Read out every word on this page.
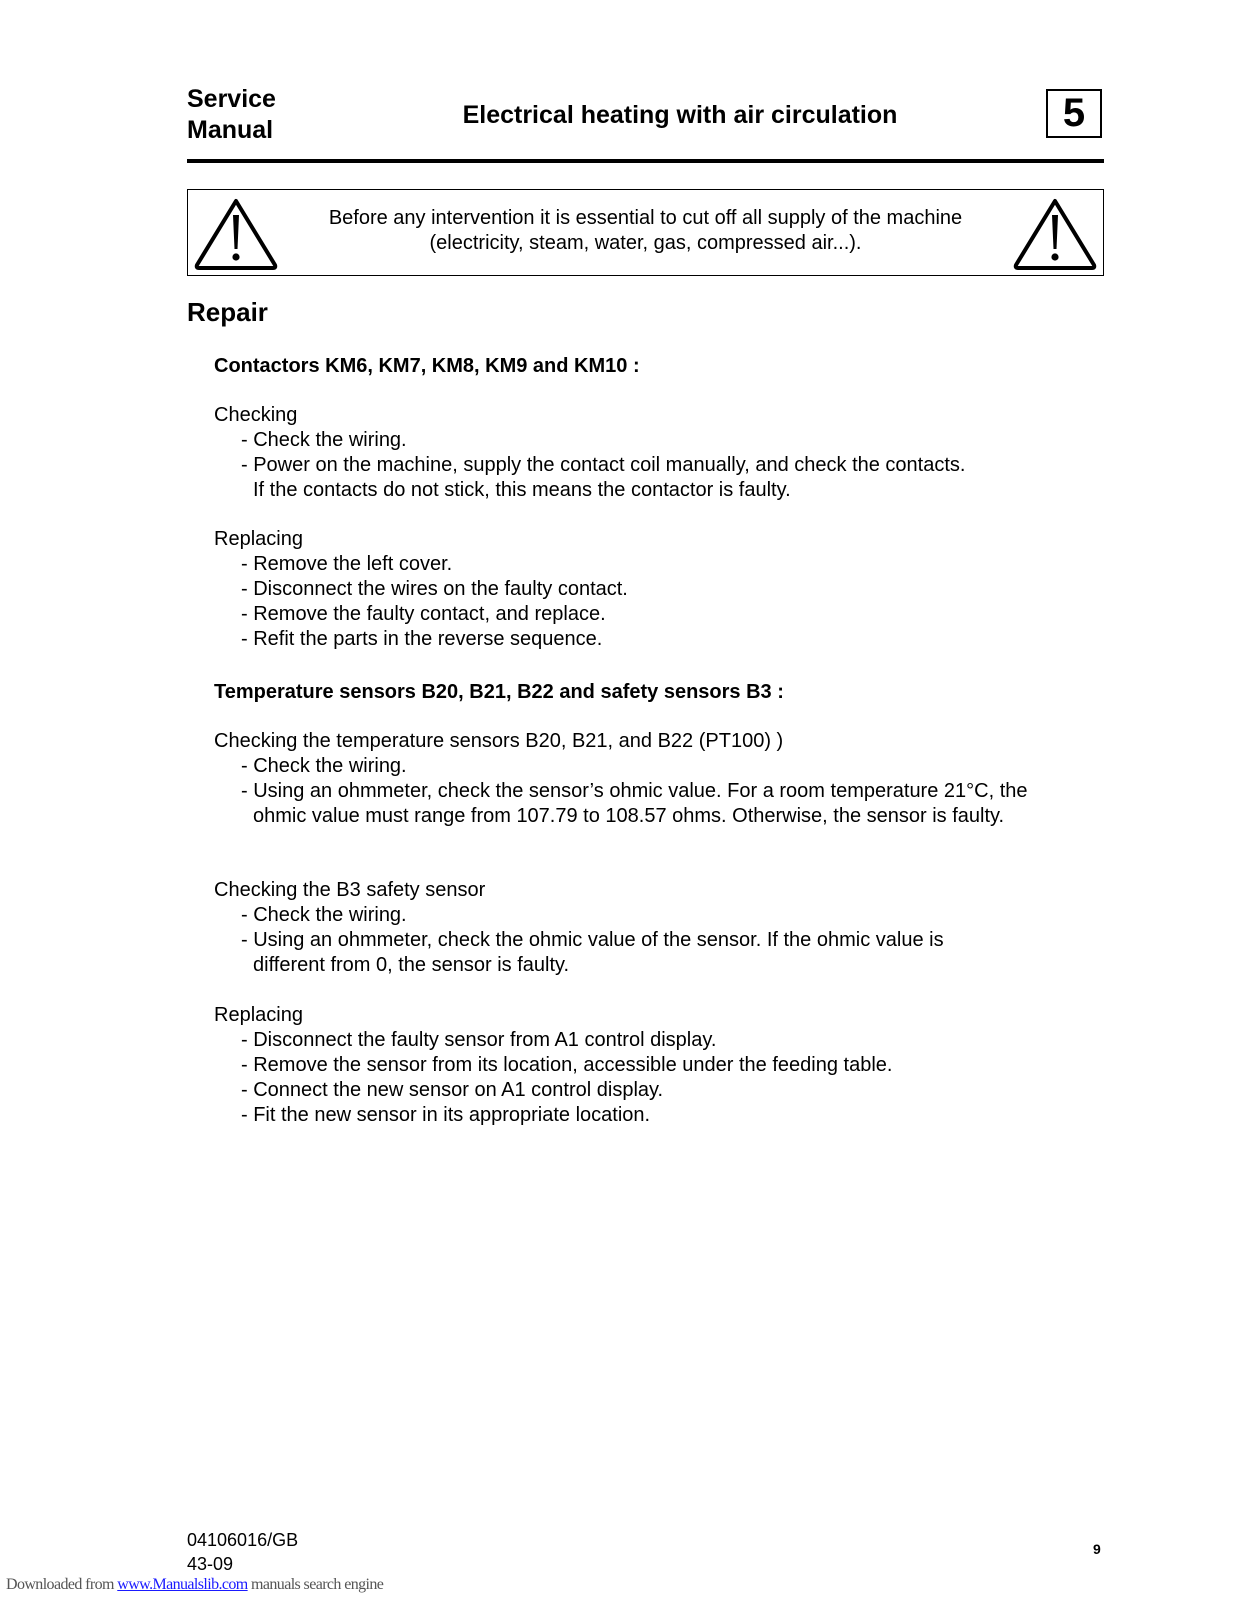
Service
Manual
Electrical heating with air circulation	5
Before any intervention it is essential to cut off all supply of the machine
(electricity, steam, water, gas, compressed air...).
Repair
Contactors KM6, KM7, KM8, KM9 and KM10 :
Checking
- Check the wiring.
- Power on the machine, supply the contact coil manually, and check the contacts.
If the contacts do not stick, this means the contactor is faulty.
Replacing
- Remove the left cover.
- Disconnect the wires on the faulty contact.
- Remove the faulty contact, and replace.
- Refit the parts in the reverse sequence.
Temperature sensors B20, B21, B22 and safety sensors B3 :
Checking the temperature sensors B20, B21, and B22 (PT100) )
- Check the wiring.
- Using an ohmmeter, check the sensor’s ohmic value. For a room temperature 21°C, the ohmic value must range from 107.79 to 108.57 ohms. Otherwise, the sensor is faulty.
Checking the B3 safety sensor
- Check the wiring.
- Using an ohmmeter, check the ohmic value of the sensor. If the ohmic value is different from 0, the sensor is faulty.
Replacing
- Disconnect the faulty sensor from A1 control display.
- Remove the sensor from its location, accessible under the feeding table.
- Connect the new sensor on A1 control display.
- Fit the new sensor in its appropriate location.
04106016/GB
43-09
9
Downloaded from www.Manualslib.com manuals search engine
